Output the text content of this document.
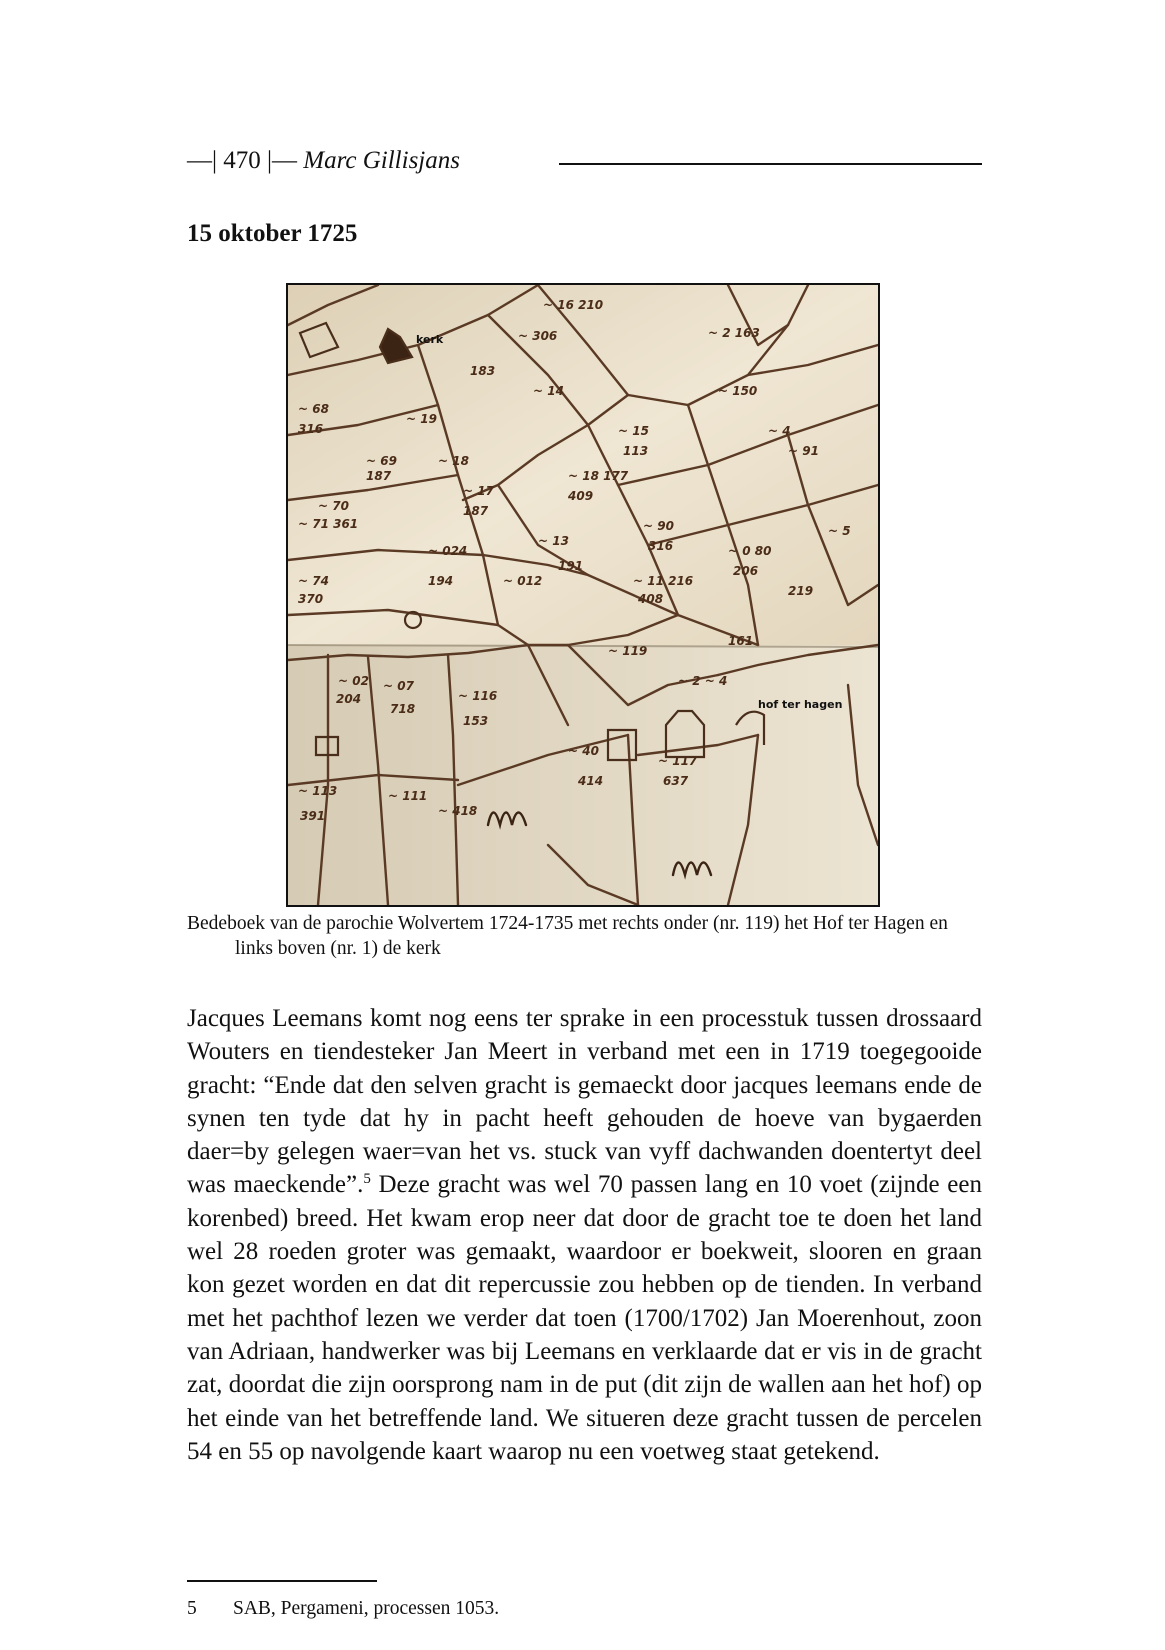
—| 470 |— Marc Gillisjans
15 oktober 1725
~ 16 210
~ 306
183
~ 14
~ 68
316
~ 19
~ 18
~ 69
187
~ 17
187
~ 70
~ 71 361
~ 74
370
~ 024
194	~ 012
~ 18 177
409
~ 13
191
~ 15
113
~ 90
316
~ 11 216
408
~ 2 163
~ 150
~ 4
~ 91
~ 0 80
206
219
~ 5
161
~ 119
~ 02
204
~ 07
718
~ 116
153
~ 2 ~ 4
~ 40
414
~ 117
637
~ 113
391
~ 111
~ 418
kerk
hof ter hagen
Bedeboek van de parochie Wolvertem 1724-1735 met rechts onder (nr. 119) het Hof ter Hagen en links boven (nr. 1) de kerk

Jacques Leemans komt nog eens ter sprake in een processtuk tussen drossaard Wouters en tiendesteker Jan Meert in verband met een in 1719 toegegooide gracht: “Ende dat den selven gracht is gemaeckt door jacques leemans ende de synen ten tyde dat hy in pacht heeft gehouden de hoeve van bygaerden daer=by gelegen waer=van het vs. stuck van vyff dachwanden doentertyt deel was maeckende”.$^5$ Deze gracht was wel 70 passen lang en 10 voet (zijnde een korenbed) breed. Het kwam erop neer dat door de gracht toe te doen het land wel 28 roeden groter was gemaakt, waardoor er boekweit, slooren en graan kon gezet worden en dat dit repercussie zou hebben op de tienden. In verband met het pachthof lezen we verder dat toen (1700/1702) Jan Moerenhout, zoon van Adriaan, handwerker was bij Leemans en verklaarde dat er vis in de gracht zat, doordat die zijn oorsprong nam in de put (dit zijn de wallen aan het hof) op het einde van het betreffende land. We situeren deze gracht tussen de percelen 54 en 55 op navolgende kaart waarop nu een voetweg staat getekend.

5 SAB, Pergameni, processen 1053.
